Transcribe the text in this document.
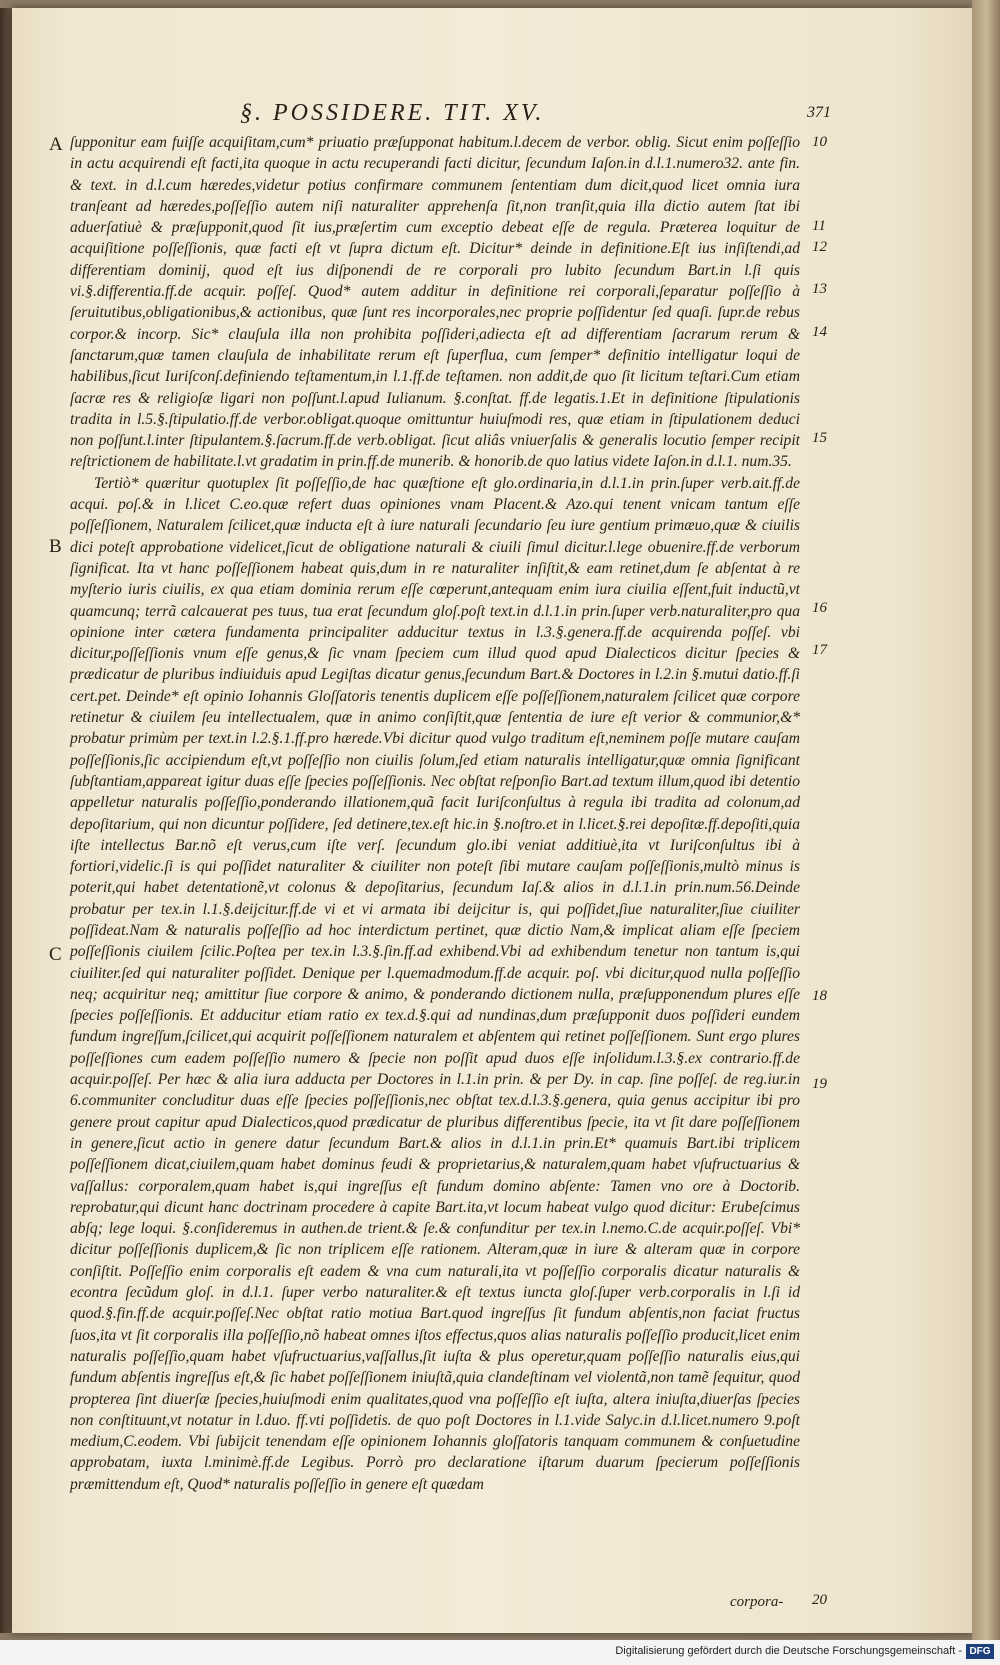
§. POSSIDERE. TIT. XV.	371
A
B
C
10
11
12
13
14
15
16
17
18
19
20

ſupponitur eam fuiſſe acquiſitam,cum* priuatio præſupponat habitum.l.decem de verbor. oblig. Sicut enim poſſeſſio in actu acquirendi eſt facti,ita quoque in actu recuperandi facti dicitur, ſecundum Iaſon.in d.l.1.numero32. ante fin. & text. in d.l.cum hæredes,videtur potius confirmare communem ſententiam dum dicit,quod licet omnia iura tranſeant ad hæredes,poſſeſſio autem niſi naturaliter apprehenſa ſit,non tranſit,quia illa dictio autem ſtat ibi aduerſatiuè & præſupponit,quod ſit ius,præſertim cum exceptio debeat eſſe de regula. Præterea loquitur de acquiſitione poſſeſſionis, quæ facti eſt vt ſupra dictum eſt. Dicitur* deinde in definitione.Eſt ius inſiſtendi,ad differentiam dominij, quod eſt ius diſponendi de re corporali pro lubito ſecundum Bart.in l.ſi quis vi.§.differentia.ff.de acquir. poſſeſ. Quod* autem additur in definitione rei corporali,ſeparatur poſſeſſio à ſeruitutibus,obligationibus,& actionibus, quæ ſunt res incorporales,nec proprie poſſidentur ſed quaſi. ſupr.de rebus corpor.& incorp. Sic* clauſula illa non prohibita poſſideri,adiecta eſt ad differentiam ſacrarum rerum & ſanctarum,quæ tamen clauſula de inhabilitate rerum eſt ſuperflua, cum ſemper* definitio intelligatur loqui de habilibus,ſicut Iuriſconſ.definiendo teſtamentum,in l.1.ff.de teſtamen. non addit,de quo ſit licitum teſtari.Cum etiam ſacræ res & religioſæ ligari non poſſunt.l.apud Iulianum. §.conſtat. ff.de legatis.1.Et in definitione ſtipulationis tradita in l.5.§.ſtipulatio.ff.de verbor.obligat.quoque omittuntur huiuſmodi res, quæ etiam in ſtipulationem deduci non poſſunt.l.inter ſtipulantem.§.ſacrum.ff.de verb.obligat. ſicut aliâs vniuerſalis & generalis locutio ſemper recipit reſtrictionem de habilitate.l.vt gradatim in prin.ff.de munerib. & honorib.de quo latius videte Iaſon.in d.l.1. num.35.

Tertiò* quæritur quotuplex ſit poſſeſſio,de hac quæſtione eſt glo.ordinaria,in d.l.1.in prin.ſuper verb.ait.ff.de acqui. poſ.& in l.licet C.eo.quæ refert duas opiniones vnam Placent.& Azo.qui tenent vnicam tantum eſſe poſſeſſionem, Naturalem ſcilicet,quæ inducta eſt à iure naturali ſecundario ſeu iure gentium primæuo,quæ & ciuilis dici poteſt approbatione videlicet,ſicut de obligatione naturali & ciuili ſimul dicitur.l.lege obuenire.ff.de verborum ſignificat. Ita vt hanc poſſeſſionem habeat quis,dum in re naturaliter inſiſtit,& eam retinet,dum ſe abſentat à re myſterio iuris ciuilis, ex qua etiam dominia rerum eſſe cœperunt,antequam enim iura ciuilia eſſent,fuit inductũ,vt quamcunq; terrã calcauerat pes tuus, tua erat ſecundum gloſ.poſt text.in d.l.1.in prin.ſuper verb.naturaliter,pro qua opinione inter cætera fundamenta principaliter adducitur textus in l.3.§.genera.ff.de acquirenda poſſeſ. vbi dicitur,poſſeſſionis vnum eſſe genus,& ſic vnam ſpeciem cum illud quod apud Dialecticos dicitur ſpecies & prædicatur de pluribus indiuiduis apud Legiſtas dicatur genus,ſecundum Bart.& Doctores in l.2.in §.mutui datio.ff.ſi cert.pet. Deinde* eſt opinio Iohannis Gloſſatoris tenentis duplicem eſſe poſſeſſionem,naturalem ſcilicet quæ corpore retinetur & ciuilem ſeu intellectualem, quæ in animo conſiſtit,quæ ſententia de iure eſt verior & communior,&* probatur primùm per text.in l.2.§.1.ff.pro hærede.Vbi dicitur quod vulgo traditum eſt,neminem poſſe mutare cauſam poſſeſſionis,ſic accipiendum eſt,vt poſſeſſio non ciuilis ſolum,ſed etiam naturalis intelligatur,quæ omnia ſignificant ſubſtantiam,appareat igitur duas eſſe ſpecies poſſeſſionis. Nec obſtat reſponſio Bart.ad textum illum,quod ibi detentio appelletur naturalis poſſeſſio,ponderando illationem,quã facit Iuriſconſultus à regula ibi tradita ad colonum,ad depoſitarium, qui non dicuntur poſſidere, ſed detinere,tex.eſt hic.in §.noſtro.et in l.licet.§.rei depoſitæ.ff.depoſiti,quia iſte intellectus Bar.nõ eſt verus,cum iſte verſ. ſecundum glo.ibi veniat additiuè,ita vt Iuriſconſultus ibi à fortiori,videlic.ſi is qui poſſidet naturaliter & ciuiliter non poteſt ſibi mutare cauſam poſſeſſionis,multò minus is poterit,qui habet detentationẽ,vt colonus & depoſitarius, ſecundum Iaſ.& alios in d.l.1.in prin.num.56.Deinde probatur per tex.in l.1.§.deijcitur.ff.de vi et vi armata ibi deijcitur is, qui poſſidet,ſiue naturaliter,ſiue ciuiliter poſſideat.Nam & naturalis poſſeſſio ad hoc interdictum pertinet, quæ dictio Nam,& implicat aliam eſſe ſpeciem poſſeſſionis ciuilem ſcilic.Poſtea per tex.in l.3.§.ſin.ff.ad exhibend.Vbi ad exhibendum tenetur non tantum is,qui ciuiliter.ſed qui naturaliter poſſidet. Denique per l.quemadmodum.ff.de acquir. poſ. vbi dicitur,quod nulla poſſeſſio neq; acquiritur neq; amittitur ſiue corpore & animo, & ponderando dictionem nulla, præſupponendum plures eſſe ſpecies poſſeſſionis. Et adducitur etiam ratio ex tex.d.§.qui ad nundinas,dum præſupponit duos poſſideri eundem fundum ingreſſum,ſcilicet,qui acquirit poſſeſſionem naturalem et abſentem qui retinet poſſeſſionem. Sunt ergo plures poſſeſſiones cum eadem poſſeſſio numero & ſpecie non poſſit apud duos eſſe inſolidum.l.3.§.ex contrario.ff.de acquir.poſſeſ. Per hæc & alia iura adducta per Doctores in l.1.in prin. & per Dy. in cap. ſine poſſeſ. de reg.iur.in 6.communiter concluditur duas eſſe ſpecies poſſeſſionis,nec obſtat tex.d.l.3.§.genera, quia genus accipitur ibi pro genere prout capitur apud Dialecticos,quod prædicatur de pluribus differentibus ſpecie, ita vt ſit dare poſſeſſionem in genere,ſicut actio in genere datur ſecundum Bart.& alios in d.l.1.in prin.Et* quamuis Bart.ibi triplicem poſſeſſionem dicat,ciuilem,quam habet dominus feudi & proprietarius,& naturalem,quam habet vſufructuarius & vaſſallus: corporalem,quam habet is,qui ingreſſus eſt fundum domino abſente: Tamen vno ore à Doctorib. reprobatur,qui dicunt hanc doctrinam procedere à capite Bart.ita,vt locum habeat vulgo quod dicitur: Erubeſcimus abſq; lege loqui. §.conſideremus in authen.de trient.& ſe.& confunditur per tex.in l.nemo.C.de acquir.poſſeſ. Vbi* dicitur poſſeſſionis duplicem,& ſic non triplicem eſſe rationem. Alteram,quæ in iure & alteram quæ in corpore conſiſtit. Poſſeſſio enim corporalis eſt eadem & vna cum naturali,ita vt poſſeſſio corporalis dicatur naturalis & econtra ſecũdum gloſ. in d.l.1. ſuper verbo naturaliter.& eſt textus iuncta gloſ.ſuper verb.corporalis in l.ſi id quod.§.fin.ff.de acquir.poſſeſ.Nec obſtat ratio motiua Bart.quod ingreſſus ſit fundum abſentis,non faciat fructus ſuos,ita vt ſit corporalis illa poſſeſſio,nõ habeat omnes iſtos effectus,quos alias naturalis poſſeſſio producit,licet enim naturalis poſſeſſio,quam habet vſufructuarius,vaſſallus,ſit iuſta & plus operetur,quam poſſeſſio naturalis eius,qui fundum abſentis ingreſſus eſt,& ſic habet poſſeſſionem iniuſtã,quia clandeſtinam vel violentã,non tamẽ ſequitur, quod propterea ſint diuerſæ ſpecies,huiuſmodi enim qualitates,quod vna poſſeſſio eſt iuſta, altera iniuſta,diuerſas ſpecies non conſtituunt,vt notatur in l.duo. ff.vti poſſidetis. de quo poſt Doctores in l.1.vide Salyc.in d.l.licet.numero 9.poſt medium,C.eodem. Vbi ſubijcit tenendam eſſe opinionem Iohannis gloſſatoris tanquam communem & conſuetudine approbatam, iuxta l.minimè.ff.de Legibus. Porrò pro declaratione iſtarum duarum ſpecierum poſſeſſionis præmittendum eſt, Quod* naturalis poſſeſſio in genere eſt quædam

corpora-
Digitalisierung gefördert durch die Deutsche Forschungsgemeinschaft - DFG
